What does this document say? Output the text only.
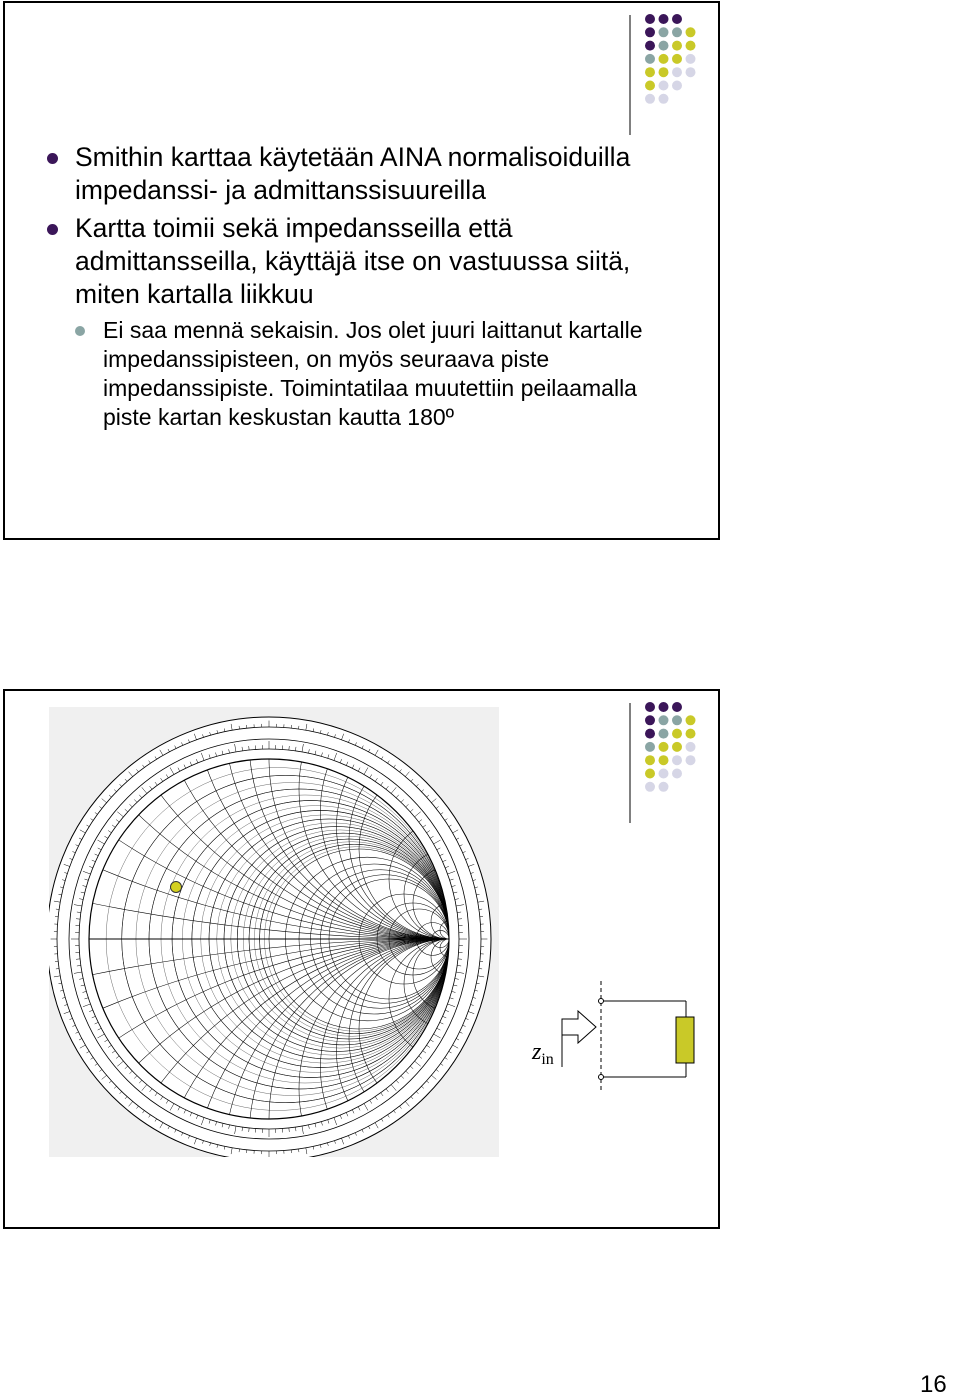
Smithin karttaa käytetään AINA normalisoiduilla impedanssi- ja admittanssisuureilla
Kartta toimii sekä impedansseilla että admittansseilla, käyttäjä itse on vastuussa siitä, miten kartalla liikkuu
Ei saa mennä sekaisin. Jos olet juuri laittanut kartalle impedanssipisteen, on myös seuraava piste impedanssipiste. Toimintatilaa muutettiin peilaamalla piste kartan keskustan kautta 180º
$z_{in}$
16
